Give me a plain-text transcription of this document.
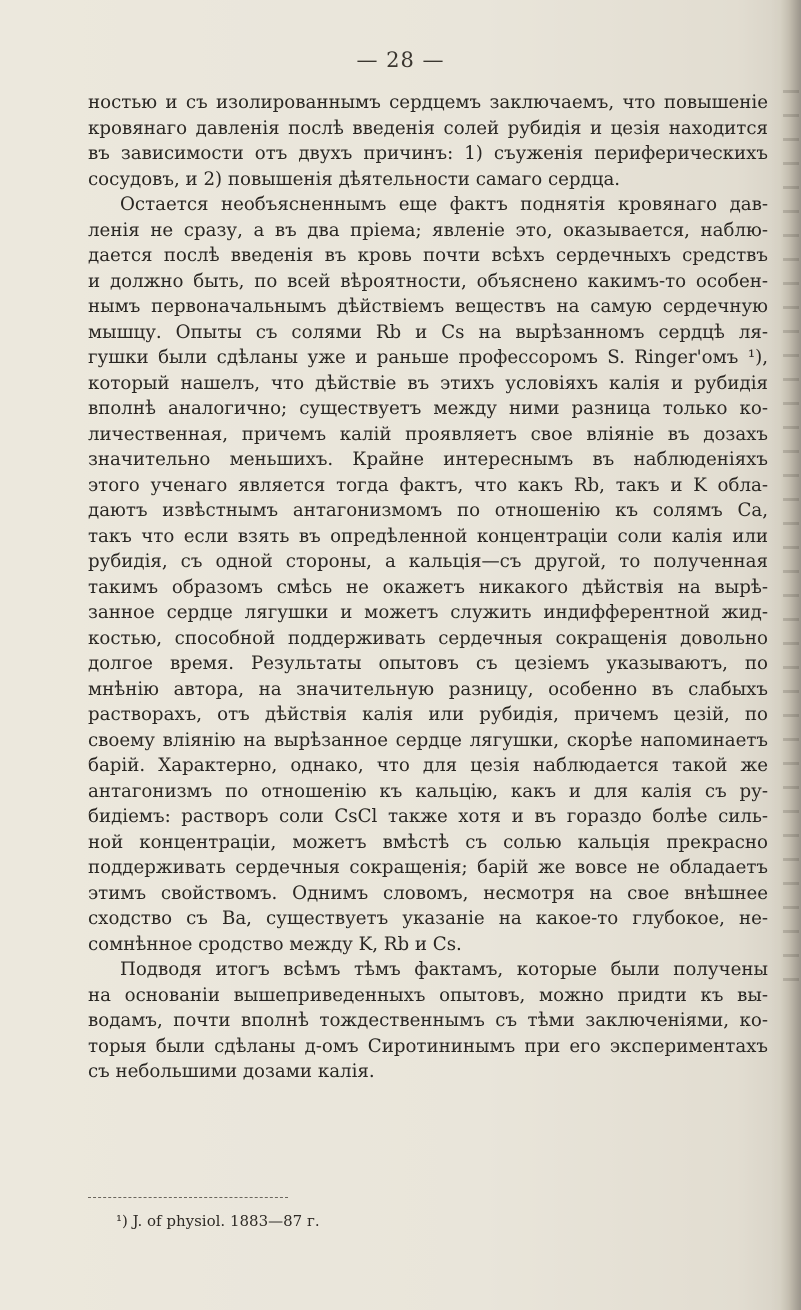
— 28 —
ностью и съ изолированнымъ сердцемъ заключаемъ, что повышеніе
кровянаго давленія послѣ введенія солей рубидія и цезія находится
въ зависимости отъ двухъ причинъ: 1) съуженія периферическихъ
сосудовъ, и 2) повышенія дѣятельности самаго сердца.
Остается необъясненнымъ еще фактъ поднятія кровянаго дав-
ленія не сразу, а въ два пріема; явленіе это, оказывается, наблю-
дается послѣ введенія въ кровь почти всѣхъ сердечныхъ средствъ
и должно быть, по всей вѣроятности, объяснено какимъ-то особен-
нымъ первоначальнымъ дѣйствіемъ веществъ на самую сердечную
мышцу. Опыты съ солями Rb и Cs на вырѣзанномъ сердцѣ ля-
гушки были сдѣланы уже и раньше профессоромъ S. Ringer'омъ ¹),
который нашелъ, что дѣйствіе въ этихъ условіяхъ калія и рубидія
вполнѣ аналогично; существуетъ между ними разница только ко-
личественная, причемъ калій проявляетъ свое вліяніе въ дозахъ
значительно меньшихъ. Крайне интереснымъ въ наблюденіяхъ
этого ученаго является тогда фактъ, что какъ Rb, такъ и K обла-
даютъ извѣстнымъ антагонизмомъ по отношенію къ солямъ Са,
такъ что если взять въ опредѣленной концентраціи соли калія или
рубидія, съ одной стороны, а кальція—съ другой, то полученная
такимъ образомъ смѣсь не окажетъ никакого дѣйствія на вырѣ-
занное сердце лягушки и можетъ служить индифферентной жид-
костью, способной поддерживать сердечныя сокращенія довольно
долгое время. Результаты опытовъ съ цезіемъ указываютъ, по
мнѣнію автора, на значительную разницу, особенно въ слабыхъ
растворахъ, отъ дѣйствія калія или рубидія, причемъ цезій, по
своему вліянію на вырѣзанное сердце лягушки, скорѣе напоминаетъ
барій. Характерно, однако, что для цезія наблюдается такой же
антагонизмъ по отношенію къ кальцію, какъ и для калія съ ру-
бидіемъ: растворъ соли CsCl также хотя и въ гораздо болѣе силь-
ной концентраціи, можетъ вмѣстѣ съ солью кальція прекрасно
поддерживать сердечныя сокращенія; барій же вовсе не обладаетъ
этимъ свойствомъ. Однимъ словомъ, несмотря на свое внѣшнее
сходство съ Ba, существуетъ указаніе на какое-то глубокое, не-
сомнѣнное сродство между K, Rb и Cs.
Подводя итогъ всѣмъ тѣмъ фактамъ, которые были получены
на основаніи вышеприведенныхъ опытовъ, можно придти къ вы-
водамъ, почти вполнѣ тождественнымъ съ тѣми заключеніями, ко-
торыя были сдѣланы д-омъ Сиротининымъ при его экспериментахъ
съ небольшими дозами калія.
¹) J. of physiol. 1883—87 г.
